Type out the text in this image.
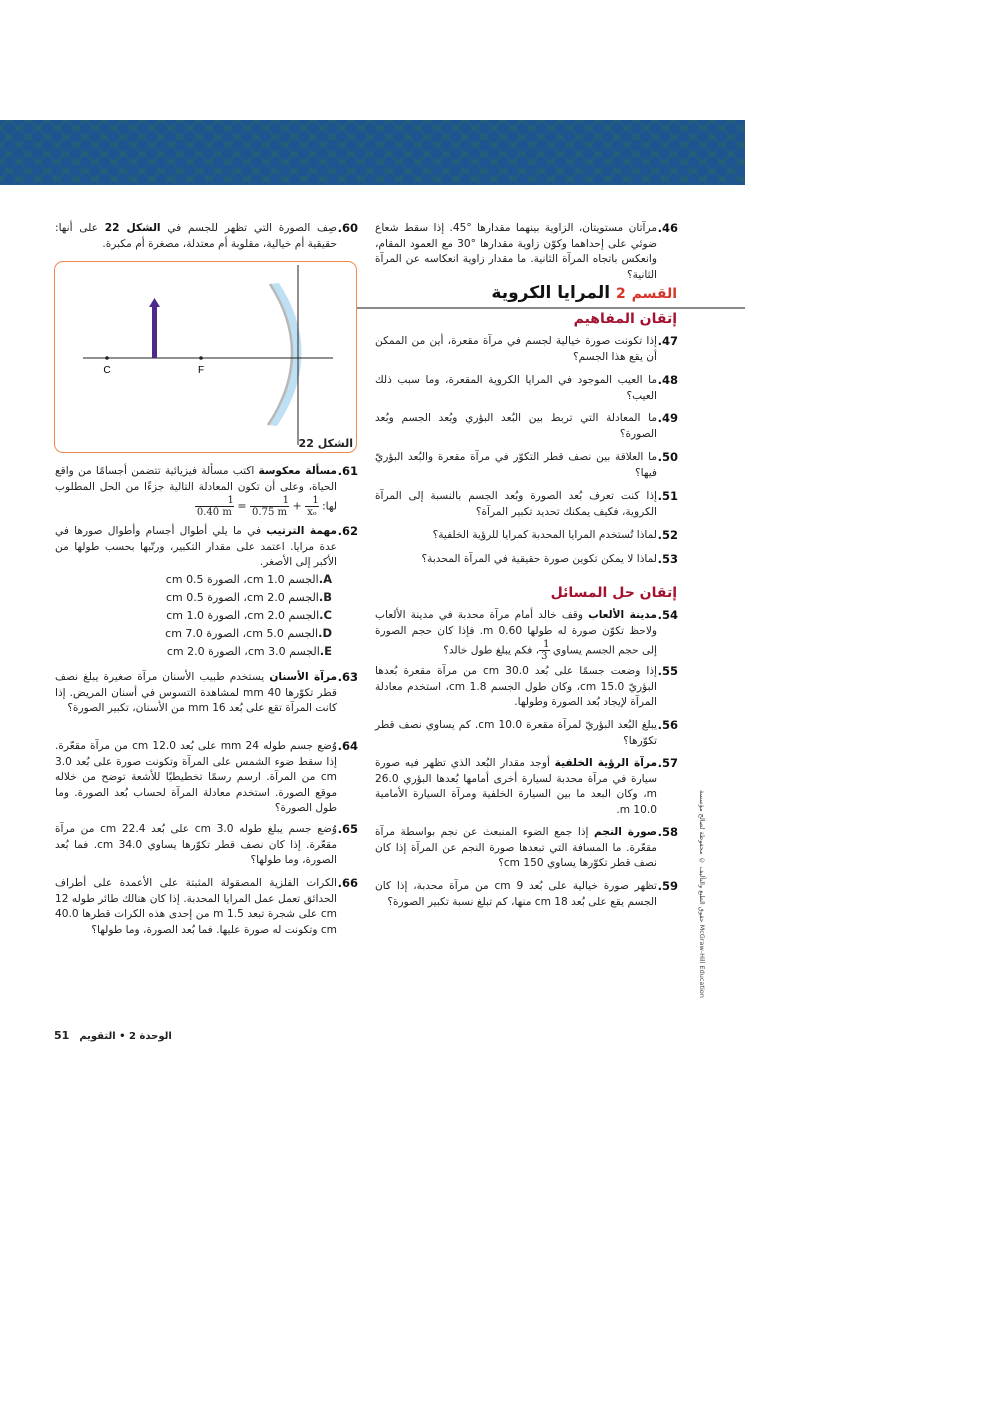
46.
مرآتان مستويتان، الزاوية بينهما مقدارها °45. إذا سقط شعاع ضوئي على إحداهما وكوّن زاوية مقدارها °30 مع العمود المقام، وانعكس باتجاه المرآة الثانية. ما مقدار زاوية انعكاسه عن المرآة الثانية؟
القسم 2 المرايا الكروية
إتقان المفاهيم
47.
إذا تكونت صورة خيالية لجسم في مرآة مقعرة، أين من الممكن أن يقع هذا الجسم؟
48.
ما العيب الموجود في المرايا الكروية المقعرة، وما سبب ذلك العيب؟
49.
ما المعادلة التي تربط بين البُعد البؤري وبُعد الجسم وبُعد الصورة؟
50.
ما العلاقة بين نصف قطر التكوّر في مرآة مقعرة والبُعد البؤريّ فيها؟
51.
إذا كنت تعرف بُعد الصورة وبُعد الجسم بالنسبة إلى المرآة الكروية، فكيف يمكنك تحديد تكبير المرآة؟
52.
لماذا تُستخدم المرايا المحدبة كمرايا للرؤية الخلفية؟
53.
لماذا لا يمكن تكوين صورة حقيقية في المرآة المحدبة؟
إتقان حل المسائل
54.
مدينة الألعاب وقف خالد أمام مرآة محدبة في مدينة الألعاب ولاحظ تكوّن صورة له طولها 0.60 m. فإذا كان حجم الصورة إلى حجم الجسم يساوي
$\frac{1}{3}$
، فكم يبلغ طول خالد؟
55.
إذا وضعت جسمًا على بُعد 30.0 cm من مرآة مقعرة بُعدها البؤريّ 15.0 cm، وكان طول الجسم 1.8 cm، استخدم معادلة المرآة لإيجاد بُعد الصورة وطولها.
56.
يبلغ البُعد البؤريّ لمرآة مقعرة 10.0 cm. كم يساوي نصف قطر تكوّرها؟
57.
مرآة الرؤية الخلفية أوجد مقدار البُعد الذي تظهر فيه صورة سيارة في مرآة محدبة لسيارة أخرى أمامها بُعدها البؤري 26.0 m، وكان البعد ما بين السيارة الخلفية ومرآة السيارة الأمامية 10.0 m.
58.
صورة النجم إذا جمع الضوء المنبعث عن نجم بواسطة مرآة مقعّرة. ما المسافة التي تبعدها صورة النجم عن المرآة إذا كان نصف قطر تكوّرها يساوي 150 cm؟
59.
تظهر صورة خيالية على بُعد 9 cm من مرآة محدبة، إذا كان الجسم يقع على بُعد 18 cm منها، كم تبلغ نسبة تكبير الصورة؟
60.
صِف الصورة التي تظهر للجسم في الشكل 22 على أنها: حقيقية أم خيالية، مقلوبة أم معتدلة، مصغرة أم مكبرة.
C	F
الشكل 22
61.
مسألة معكوسة اكتب مسألة فيزيائية تتضمن أجسامًا من واقع الحياة، وعلى أن تكون المعادلة التالية جزءًا من الحل المطلوب لها:
$\frac{1}{0.40 m} = \frac{1}{0.75 m} + \frac{1}{\text{xₒ}}$
62.
مهمة الترتيب في ما يلي أطوال أجسام وأطوال صورها في عدة مرايا. اعتمد على مقدار التكبير، ورتّبها بحسب طولها من الأكبر إلى الأصغر.
A.الجسم 1.0 cm، الصورة 0.5 cm
B.الجسم 2.0 cm، الصورة 0.5 cm
C.الجسم 2.0 cm، الصورة 1.0 cm
D.الجسم 5.0 cm، الصورة 7.0 cm
E.الجسم 3.0 cm، الصورة 2.0 cm
63.
مرآة الأسنان يستخدم طبيب الأسنان مرآة صغيرة يبلغ نصف قطر تكوّرها 40 mm لمشاهدة التسوس في أسنان المريض. إذا كانت المرآة تقع على بُعد 16 mm من الأسنان، تكبير الصورة؟
64.
وُضع جسم طوله 24 mm على بُعد 12.0 cm من مرآة مقعّرة. إذا سقط ضوء الشمس على المرآة وتكونت صورة على بُعد 3.0 cm من المرآة. ارسم رسمًا تخطيطيًا للأشعة توضح من خلاله موقع الصورة. استخدم معادلة المرآة لحساب بُعد الصورة. وما طول الصورة؟
65.
وُضع جسم يبلغ طوله 3.0 cm على بُعد 22.4 cm من مرآة مقعّرة. إذا كان نصف قطر تكوّرها يساوي 34.0 cm. فما بُعد الصورة، وما طولها؟
66.
الكرات الفلزية المصقولة المثبتة على الأعمدة على أطراف الحدائق تعمل عمل المرايا المحدبة. إذا كان هنالك طائر طوله 12 cm على شجرة تبعد 1.5 m من إحدى هذه الكرات قطرها 40.0 cm وتكونت له صورة عليها. فما بُعد الصورة، وما طولها؟
51 الوحدة 2 • التقويم
حقوق الطبع والتأليف © محفوظة لصالح مؤسسة McGraw-Hill Education
